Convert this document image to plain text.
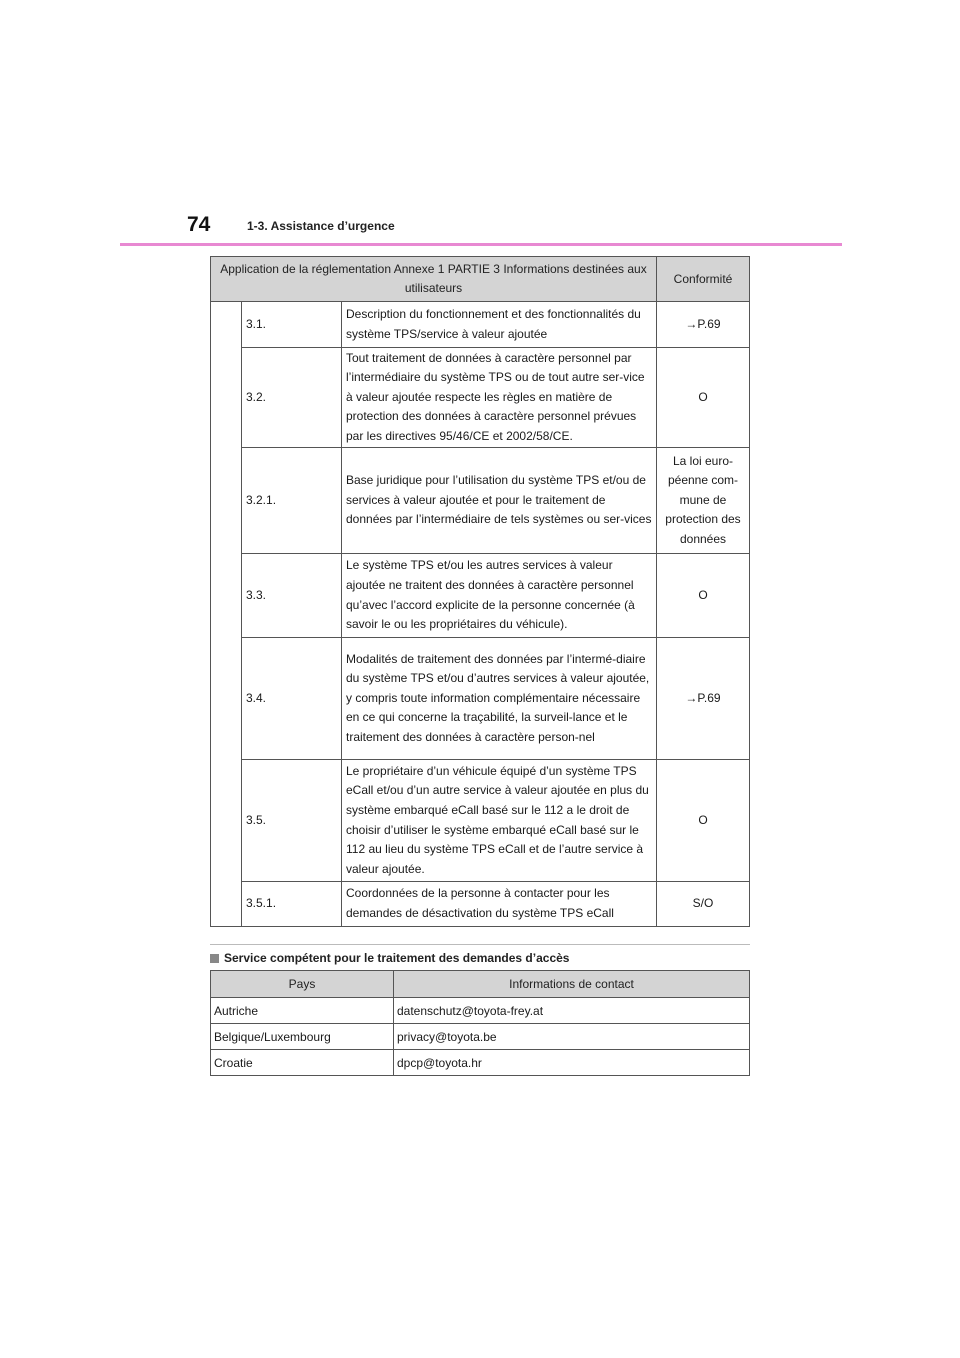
74	1-3. Assistance d’urgence
Application de la réglementation Annexe 1 PARTIE 3 Informations destinées aux utilisateurs			Conformité
	3.1.	Description du fonctionnement et des fonctionnalités du système TPS/service à valeur ajoutée	→P.69
	3.2.	Tout traitement de données à caractère personnel par l’intermédiaire du système TPS ou de tout autre ser-vice à valeur ajoutée respecte les règles en matière de protection des données à caractère personnel prévues par les directives 95/46/CE et 2002/58/CE.	O
	3.2.1.	Base juridique pour l’utilisation du système TPS et/ou de services à valeur ajoutée et pour le traitement de données par l’intermédiaire de tels systèmes ou ser-vices	La loi euro-péenne com-mune de protection des données
	3.3.	Le système TPS et/ou les autres services à valeur ajoutée ne traitent des données à caractère personnel qu’avec l’accord explicite de la personne concernée (à savoir le ou les propriétaires du véhicule).	O
	3.4.	Modalités de traitement des données par l’intermé-diaire du système TPS et/ou d’autres services à valeur ajoutée, y compris toute information complémentaire nécessaire en ce qui concerne la traçabilité, la surveil-lance et le traitement des données à caractère person-nel	→P.69
	3.5.	Le propriétaire d’un véhicule équipé d’un système TPS eCall et/ou d’un autre service à valeur ajoutée en plus du système embarqué eCall basé sur le 112 a le droit de choisir d’utiliser le système embarqué eCall basé sur le 112 au lieu du système TPS eCall et de l’autre service à valeur ajoutée.	O
	3.5.1.	Coordonnées de la personne à contacter pour les demandes de désactivation du système TPS eCall	S/O
Service compétent pour le traitement des demandes d’accès
Pays	Informations de contact
Autriche	datenschutz@toyota-frey.at
Belgique/Luxembourg	privacy@toyota.be
Croatie	dpcp@toyota.hr
